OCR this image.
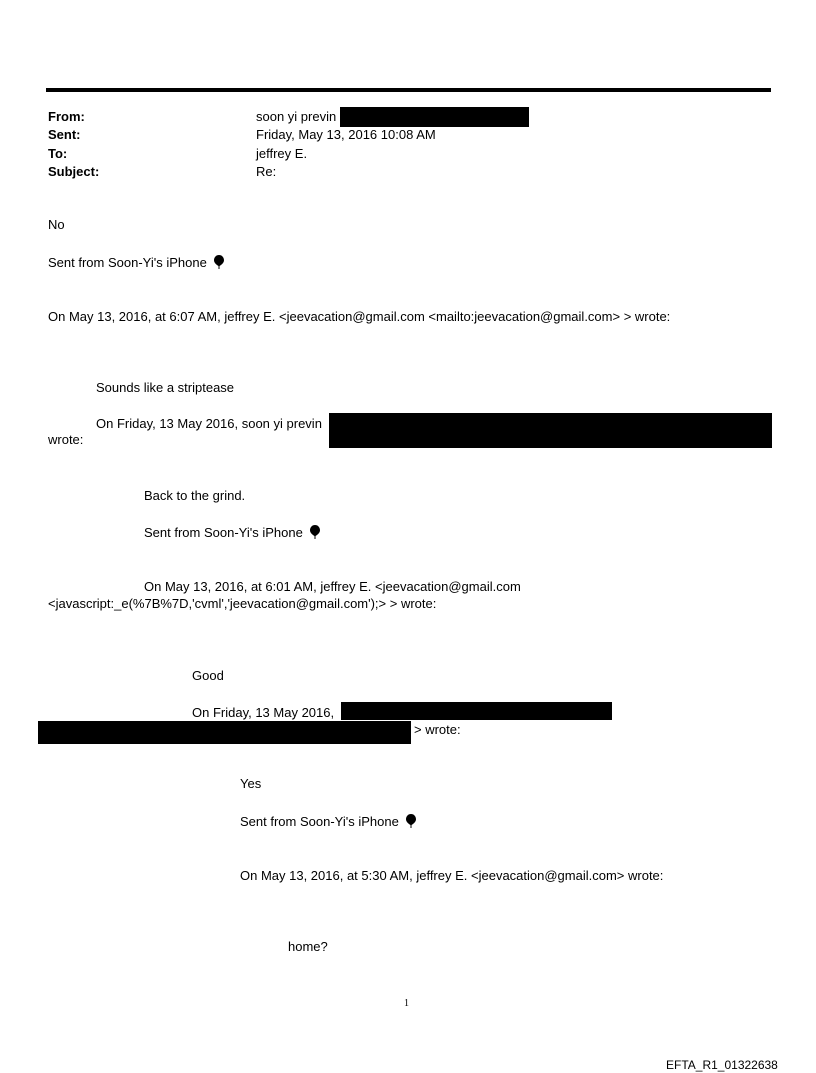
From:
Sent:
To:
Subject:
soon yi previn
Friday, May 13, 2016 10:08 AM
jeffrey E.
Re:
No
Sent from Soon-Yi's iPhone
On May 13, 2016, at 6:07 AM, jeffrey E. <jeevacation@gmail.com <mailto:jeevacation@gmail.com> > wrote:
Sounds like a striptease
On Friday, 13 May 2016, soon yi previn
wrote:
Back to the grind.
Sent from Soon-Yi's iPhone
On May 13, 2016, at 6:01 AM, jeffrey E. <jeevacation@gmail.com
<javascript:_e(%7B%7D,'cvml','jeevacation@gmail.com');> > wrote:
Good
On Friday, 13 May 2016,
> wrote:
Yes
Sent from Soon-Yi's iPhone
On May 13, 2016, at 5:30 AM, jeffrey E. <jeevacation@gmail.com> wrote:
home?
1
EFTA_R1_01322638
